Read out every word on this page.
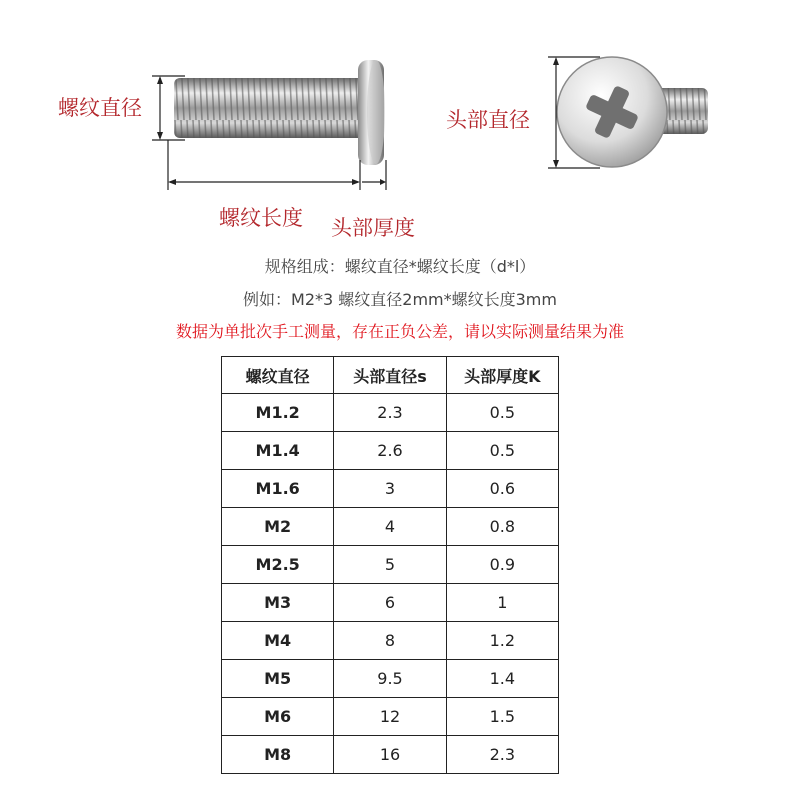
螺纹直径
螺纹长度 头部厚度
头部直径
规格组成：螺纹直径*螺纹长度（d*l）
例如：M2*3 螺纹直径2mm*螺纹长度3mm
数据为单批次手工测量，存在正负公差，请以实际测量结果为准
螺纹直径	头部直径s	头部厚度K
M1.2	2.3	0.5
M1.4	2.6	0.5
M1.6	3	0.6
M2	4	0.8
M2.5	5	0.9
M3	6	1
M4	8	1.2
M5	9.5	1.4
M6	12	1.5
M8	16	2.3
